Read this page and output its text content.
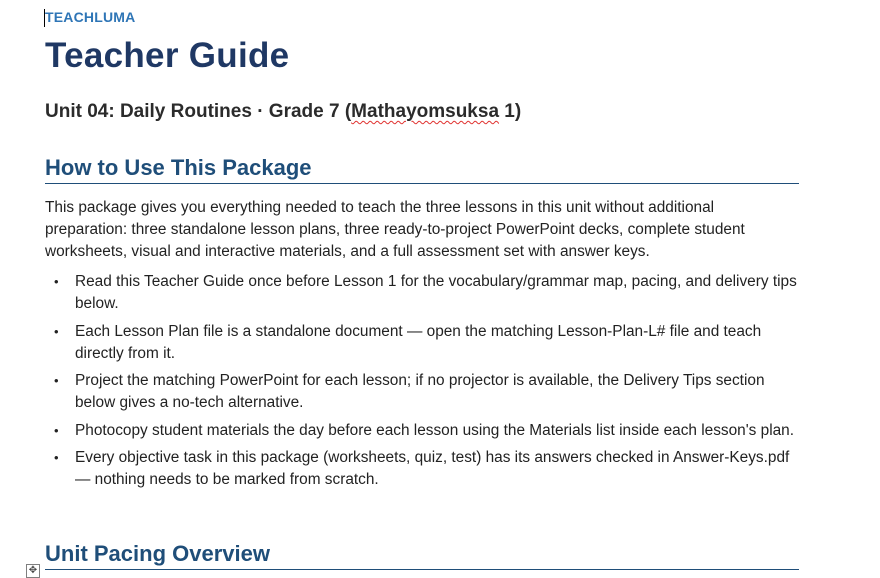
TEACHLUMA
Teacher Guide

Unit 04: Daily Routines · Grade 7 (Mathayomsuksa 1)

How to Use This Package

This package gives you everything needed to teach the three lessons in this unit without additional preparation: three standalone lesson plans, three ready-to-project PowerPoint decks, complete student worksheets, visual and interactive materials, and a full assessment set with answer keys.

• Read this Teacher Guide once before Lesson 1 for the vocabulary/grammar map, pacing, and delivery tips below.
• Each Lesson Plan file is a standalone document — open the matching Lesson-Plan-L# file and teach directly from it.
• Project the matching PowerPoint for each lesson; if no projector is available, the Delivery Tips section below gives a no-tech alternative.
• Photocopy student materials the day before each lesson using the Materials list inside each lesson's plan.
• Every objective task in this package (worksheets, quiz, test) has its answers checked in Answer-Keys.pdf — nothing needs to be marked from scratch.
Unit Pacing Overview
✥
